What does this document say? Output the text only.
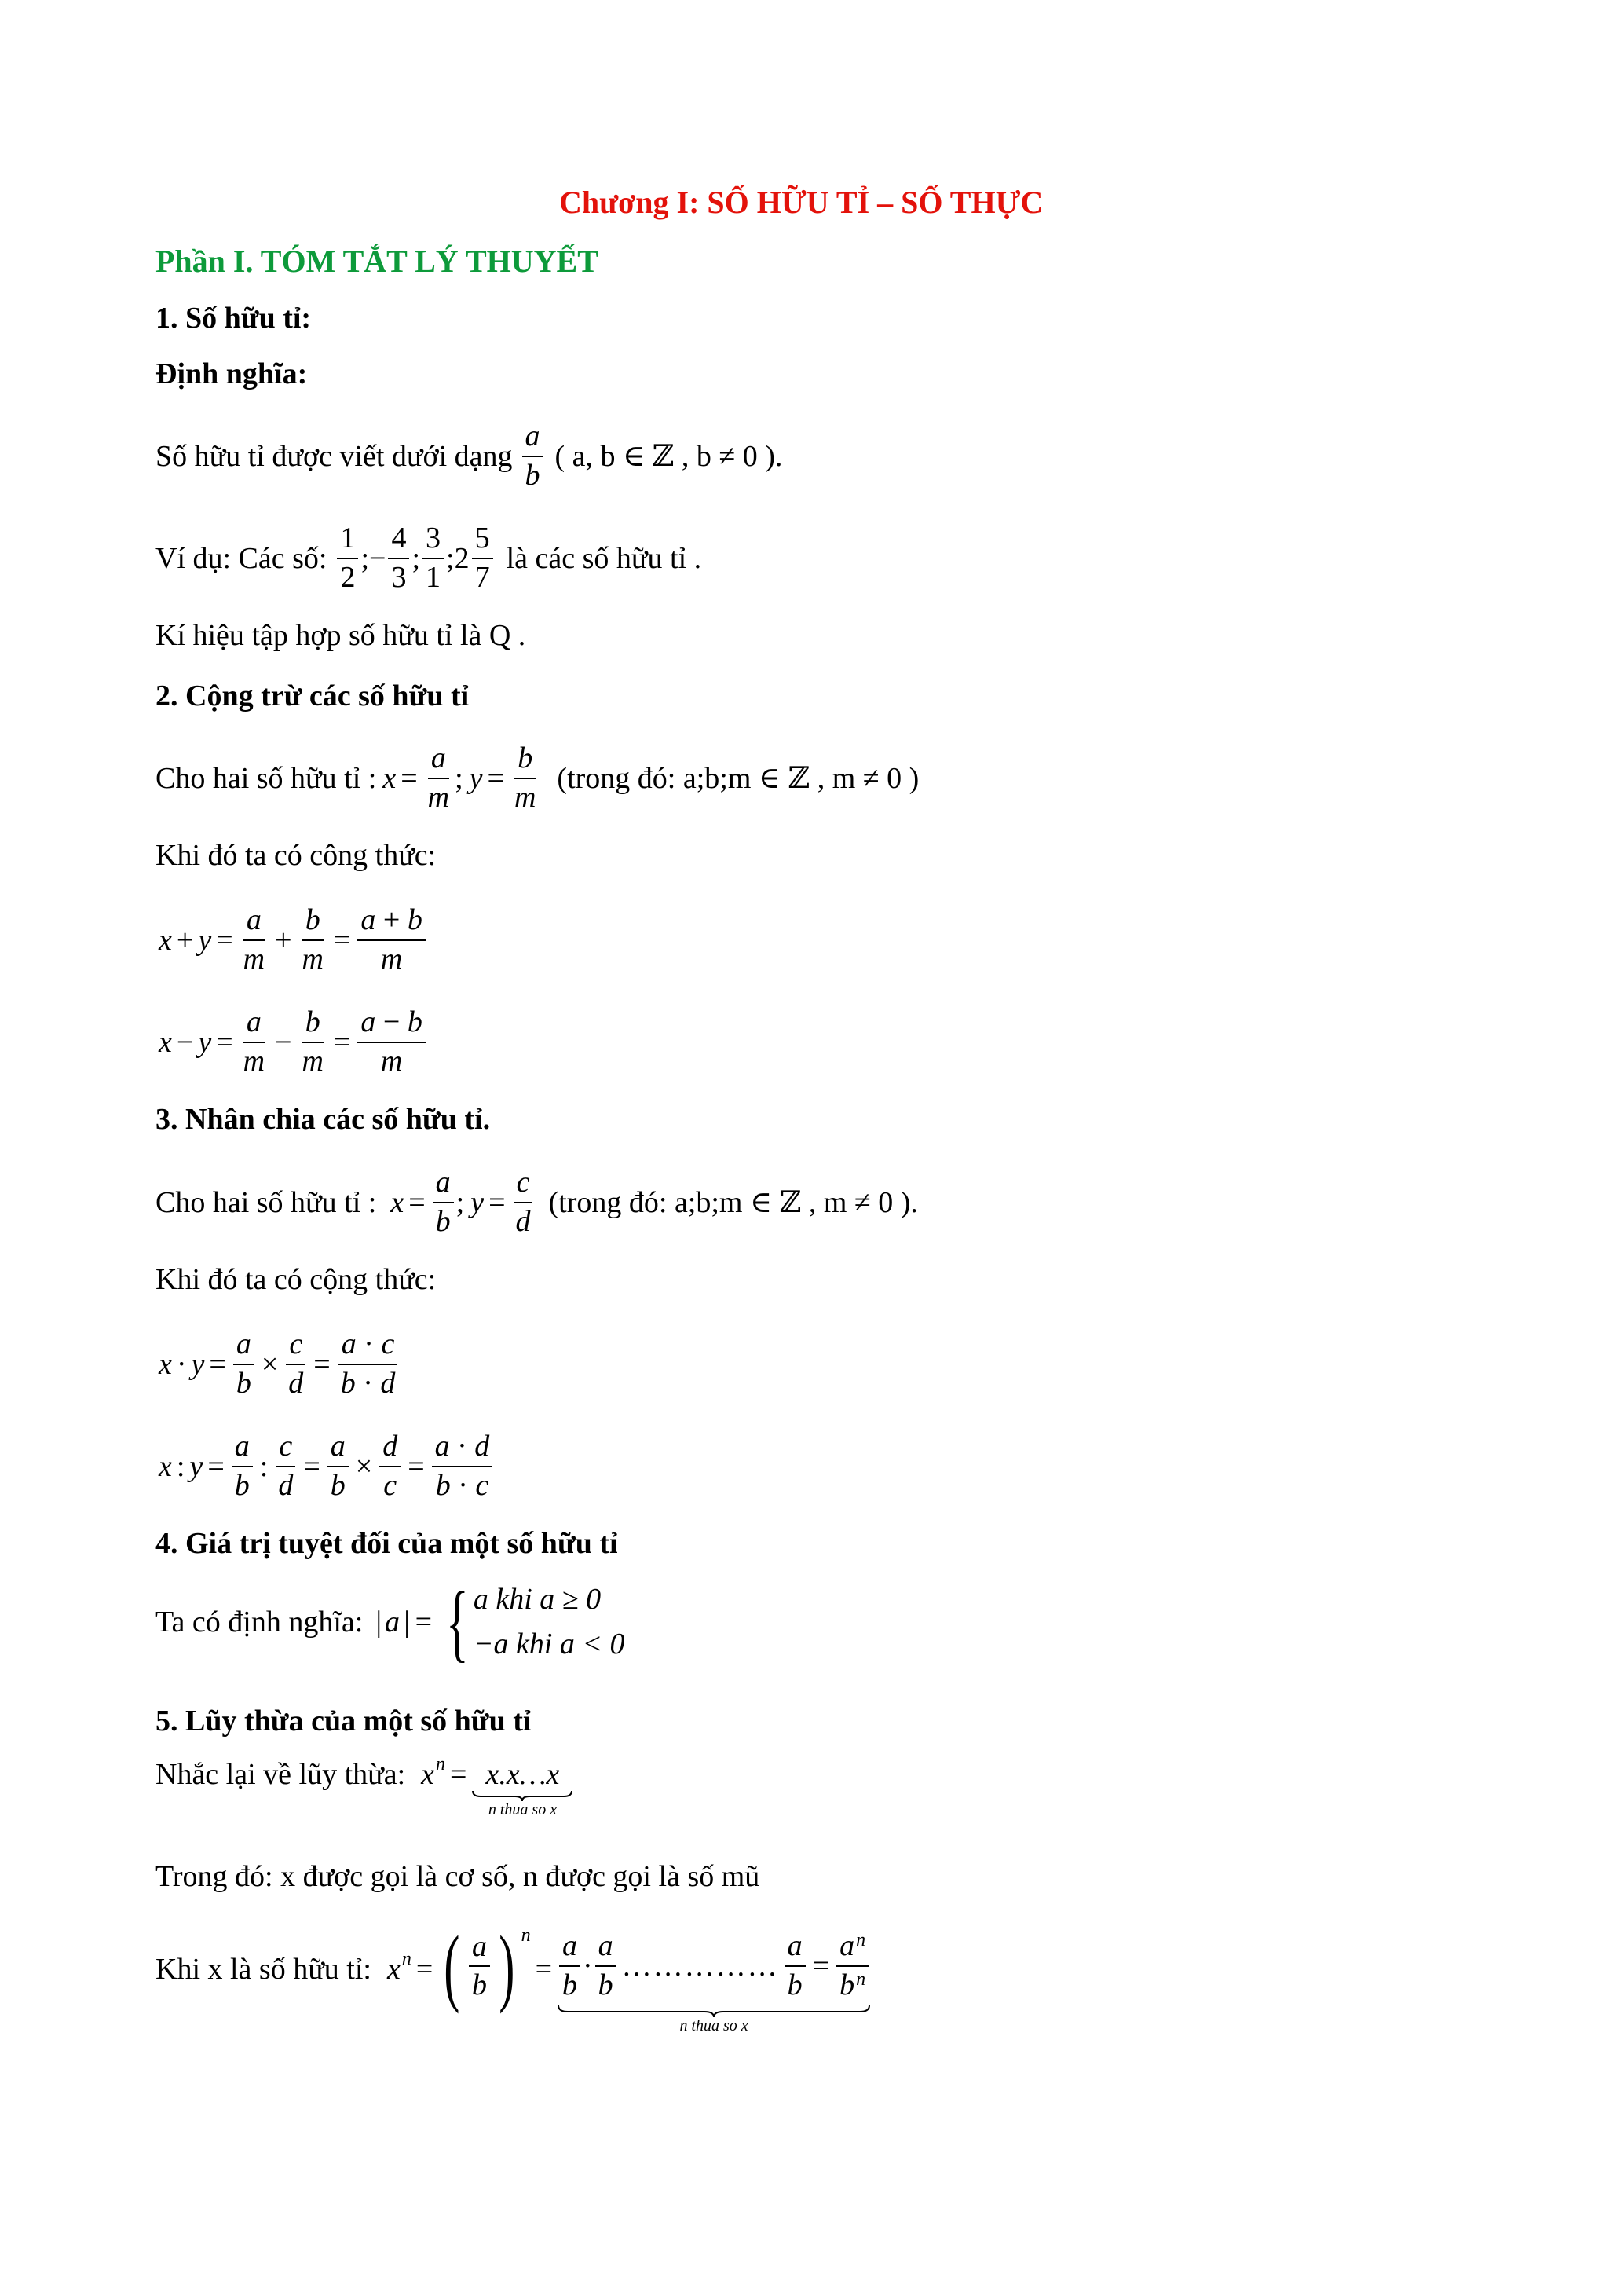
Chương I: SỐ HỮU TỈ – SỐ THỰC
Phần I. TÓM TẮT LÝ THUYẾT
1. Số hữu tỉ:
Định nghĩa:
Số hữu tỉ được viết dưới dạng $\frac{a}{b}$ ( a, b ∈ ℤ , b ≠ 0 ).
Ví dụ: Các số: $\frac{1}{2}$ ;− $\frac{4}{3}$ ; $\frac{3}{1}$ ;2 $\frac{5}{7}$ là các số hữu tỉ .
Kí hiệu tập hợp số hữu tỉ là Q .
2. Cộng trừ các số hữu tỉ
Cho hai số hữu tỉ : $x = \frac{a}{m}$ ; $y = \frac{b}{m}$ (trong đó: a;b;m ∈ ℤ , m ≠ 0 )
Khi đó ta có công thức:
$x + y = \frac{a}{m} + \frac{b}{m} = \frac{a + b}{m}$
$x - y = \frac{a}{m} - \frac{b}{m} = \frac{a - b}{m}$
3. Nhân chia các số hữu tỉ.
Cho hai số hữu tỉ : $x = \frac{a}{b}$ ; $y = \frac{c}{d}$ (trong đó: a;b;m ∈ ℤ , m ≠ 0 ).
Khi đó ta có cộng thức:
$x \cdot y = \frac{a}{b} \times \frac{c}{d} = \frac{a \cdot c}{b \cdot d}$
x : $y = \frac{a}{b}$ : $\frac{c}{d} = \frac{a}{b} \times \frac{d}{c} = \frac{a \cdot d}{b \cdot c}$
4. Giá trị tuyệt đối của một số hữu tỉ
Ta có định nghĩa: | a | = { a khi a ≥ 0
−a khi a < 0
5. Lũy thừa của một số hữu tỉ
Nhắc lại về lũy thừa: $x^n$ = x.x…x
n thua so x
Trong đó: x được gọi là cơ số, n được gọi là số mũ
Khi x là số hữu tỉ: $x^n$ = ( $\frac{a}{b}$ ) n
= $\frac{a}{b} \cdot \frac{a}{b}$ …………… $\frac{a}{b} = \frac{a^n}{b^n}$
n thua so x
